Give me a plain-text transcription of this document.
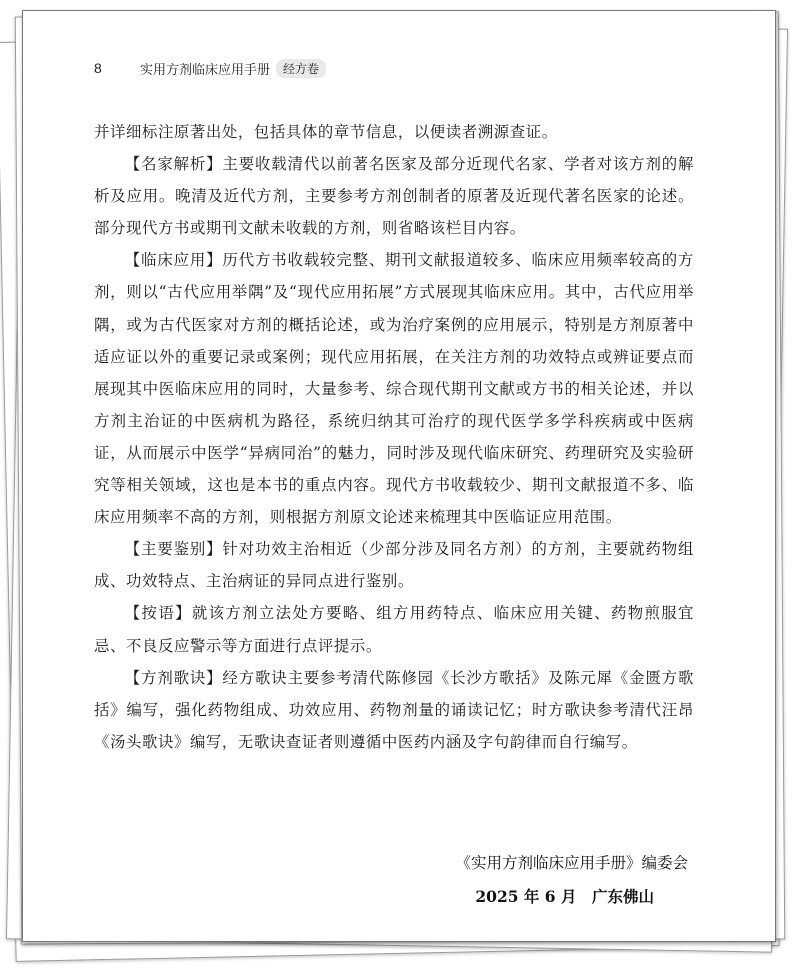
8	实用方剂临床应用手册	经方卷

并详细标注原著出处，包括具体的章节信息，以便读者溯源查证。

【名家解析】主要收载清代以前著名医家及部分近现代名家、学者对该方剂的解析及应用。晚清及近代方剂，主要参考方剂创制者的原著及近现代著名医家的论述。部分现代方书或期刊文献未收载的方剂，则省略该栏目内容。

【临床应用】历代方书收载较完整、期刊文献报道较多、临床应用频率较高的方剂，则以“古代应用举隅”及“现代应用拓展”方式展现其临床应用。其中，古代应用举隅，或为古代医家对方剂的概括论述，或为治疗案例的应用展示，特别是方剂原著中适应证以外的重要记录或案例；现代应用拓展，在关注方剂的功效特点或辨证要点而展现其中医临床应用的同时，大量参考、综合现代期刊文献或方书的相关论述，并以方剂主治证的中医病机为路径，系统归纳其可治疗的现代医学多学科疾病或中医病证，从而展示中医学“异病同治”的魅力，同时涉及现代临床研究、药理研究及实验研究等相关领域，这也是本书的重点内容。现代方书收载较少、期刊文献报道不多、临床应用频率不高的方剂，则根据方剂原文论述来梳理其中医临证应用范围。

【主要鉴别】针对功效主治相近（少部分涉及同名方剂）的方剂，主要就药物组成、功效特点、主治病证的异同点进行鉴别。

【按语】就该方剂立法处方要略、组方用药特点、临床应用关键、药物煎服宜忌、不良反应警示等方面进行点评提示。

【方剂歌诀】经方歌诀主要参考清代陈修园《长沙方歌括》及陈元犀《金匮方歌括》编写，强化药物组成、功效应用、药物剂量的诵读记忆；时方歌诀参考清代汪昂《汤头歌诀》编写，无歌诀查证者则遵循中医药内涵及字句韵律而自行编写。

《实用方剂临床应用手册》编委会
2025 年 6 月　广东佛山
